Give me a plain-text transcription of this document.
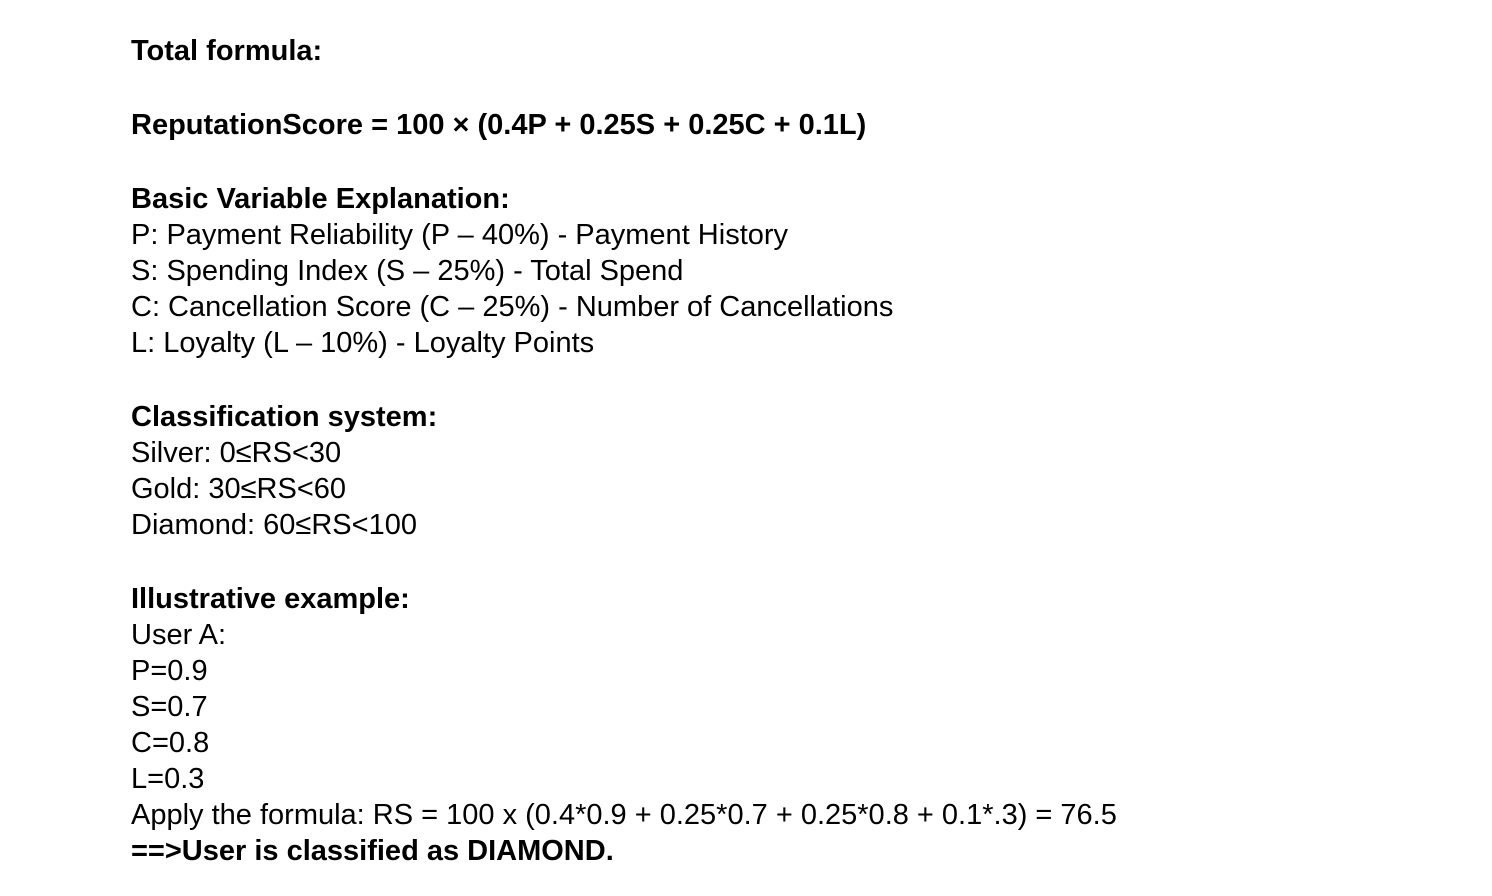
Total formula:
ReputationScore = 100 × (0.4P + 0.25S + 0.25C + 0.1L)
Basic Variable Explanation:
P: Payment Reliability (P – 40%) - Payment History
S: Spending Index (S – 25%) - Total Spend
C: Cancellation Score (C – 25%) - Number of Cancellations
L: Loyalty (L – 10%) - Loyalty Points
Classification system:
Silver: 0≤RS<30
Gold: 30≤RS<60
Diamond: 60≤RS<100
Illustrative example:
User A:
P=0.9
S=0.7
C=0.8
L=0.3
Apply the formula: RS = 100 x (0.4*0.9 + 0.25*0.7 + 0.25*0.8 + 0.1*.3) = 76.5
==>User is classified as DIAMOND.
